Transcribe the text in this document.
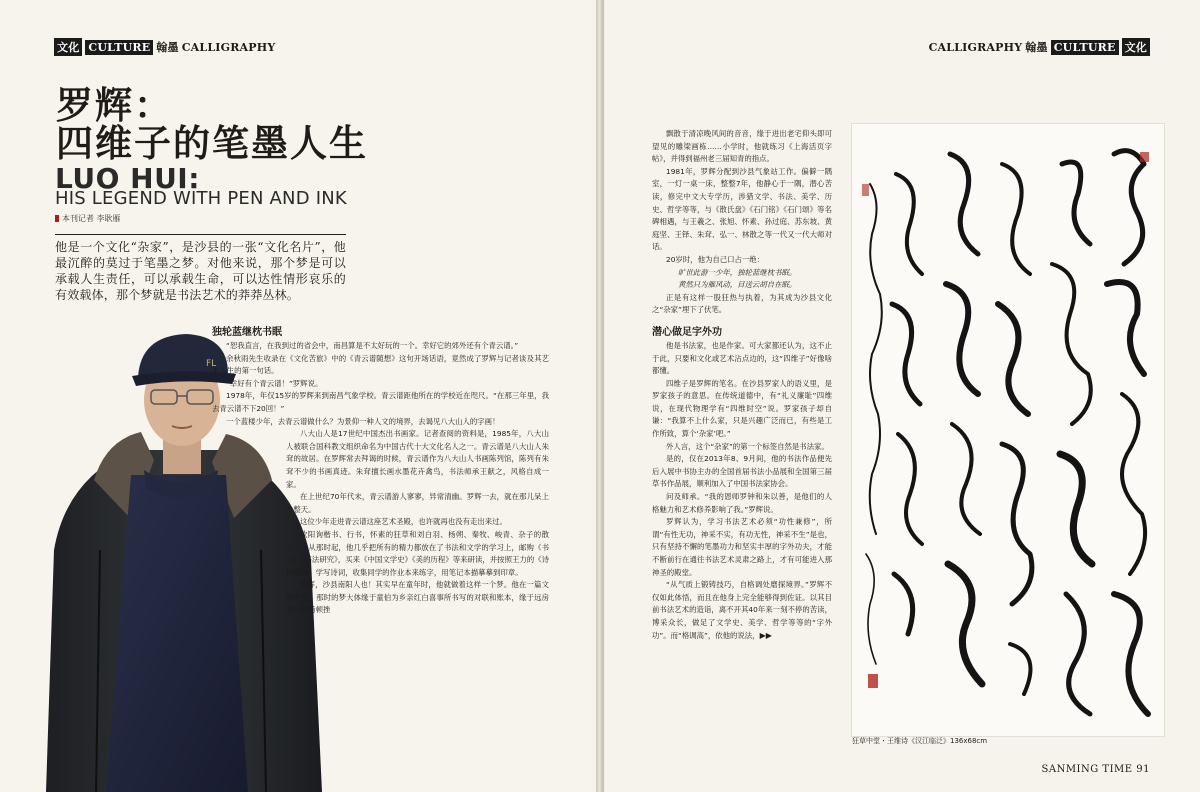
文化 CULTURE 翰墨 CALLIGRAPHY
罗辉：
四维子的笔墨人生
LUO HUI:
HIS LEGEND WITH PEN AND INK
本刊记者 李耿雁
他是一个文化“杂家”，是沙县的一张“文化名片”，他最沉醉的莫过于笔墨之梦。对他来说，那个梦是可以承载人生责任，可以承载生命，可以达性情形哀乐的有效载体，那个梦就是书法艺术的莽莽丛林。
FL
独轮蓝继枕书眠

“恕我直言，在我到过的省会中，南昌算是不太好玩的一个。幸好它的郊外还有个青云谱。”

余秋雨先生收录在《文化苦旅》中的《青云谱随想》这句开场话语，竟然成了罗辉与记者谈及其艺术人生的第一句话。

“幸好有个青云谱！”罗辉说。

1978年，年仅15岁的罗辉来到南昌气象学校。青云谱距他所在的学校近在咫尺。“在那三年里，我去青云谱不下20回！”

一个蓝楼少年，去青云谱做什么？为景仰一种人文的境界，去谒见八大山人的字画！

八大山人是17世纪中国杰出书画家。记者查阅的资料是，1985年，八大山人被联合国科教文组织命名为中国古代十大文化名人之一。青云谱是八大山人朱耷的故居。在罗辉常去拜谒的时候，青云谱作为八大山人书画陈列馆，陈列有朱耷不少的书画真迹。朱耷擅长画水墨花卉禽鸟，书法师承王献之，风格自成一家。

在上世纪70年代末，青云谱游人寥寥，异常清幽。罗辉一去，就在那儿呆上一整天。

这位少年走进青云谱这座艺术圣殿，也许就再也没有走出来过。

欧阳询楷书、行书，怀素的狂草和刘白羽、杨朔、秦牧、峻青、杂子的散文……从那时起，他几乎把所有的精力都放在了书法和文学的学习上，邮购《书法》《书法研究》，买来《中国文学史》《美的历程》等来研读，并按照王力的《诗词格律》学写诗词，收集同学的作业本来练字，用笔记本描摹摹到印章。

罗辉，沙县南阳人也！其实早在童年时，他就做着这样一个梦。他在一篇文章中说，那时的梦大体缘于童伯为乡亲红白喜事所书写的对联和账本，缘于远房堂兄抑扬顿挫

CALLIGRAPHY 翰墨 CULTURE 文化

飘散于清凉晚风间的音音，缘于进出老宅仰头即可望见的雕梁画栋……小学时，他就练习《上海活页字帖》，并得到福州老三届知青的指点。

1981年，罗辉分配到沙县气象站工作。偏僻一隅室，一灯一桌一床，整整7年，他静心于一隅，潜心苦读，修完中文大专学历，涉猎文学、书法、美学、历史、哲学等等，与《散氏盘》《石门铭》《石门颂》等名碑相遇，与王羲之、张旭、怀素、孙过庭、苏东坡、黄庭坚、王铎、朱耷、弘一、林散之等一代又一代大师对话。

20岁时，他为自己口占一绝：

旷世此游一少年，独轮蓝继枕书眠。

黄然只为雁风动，目送云胡自在眠。

正是有这样一股狂热与执着，为其成为沙县文化之“杂家”埋下了伏笔。

潜心做足字外功

他是书法家，也是作家。可大家都还认为，这不止于此，只要和文化或艺术沾点边的，这“四维子”好像啥都懂。

四维子是罗辉的笔名。在沙县罗家人的语义里，是罗家孩子的意思。在传统道德中，有“礼义廉耻”四维说，在现代物理学有“四维时空”说。罗家孩子却自谦：“我算不上什么家，只是兴趣广泛而已，有些是工作所致，算个‘杂家’吧。”

外人言，这个“杂家”的第一个标签自然是书法家。

是的，仅在2013年8、9月间，他的书法作品便先后入展中书协主办的全国首届书法小品展和全国第三届草书作品展，顺利加入了中国书法家协会。

问及师承。“我的恩师罗钟和朱以善，是他们的人格魅力和艺术修养影响了我。”罗辉说。

罗辉认为，学习书法艺术必须“功性兼修”，所谓“有性无功，神采不实，有功无性，神采不生”是也，只有坚持不懈的笔墨功力和坚实丰厚的字外功夫，才能不断前行在通往书法艺术灵肃之路上，才有可能进入那神圣的殿堂。

“从气质上锻铸技巧，自格调处磨探境界。”罗辉不仅如此体悟，而且在他身上完全能够得到佐证。以其目前书法艺术的造诣，离不开其40年来一刻不停的苦读，博采众长，做足了文学史、美学、哲学等等的“字外功”。而“格调高”，依他的说法，▶▶

狂草中堂・王维诗《汉江临泛》136x68cm
SANMING TIME 91
